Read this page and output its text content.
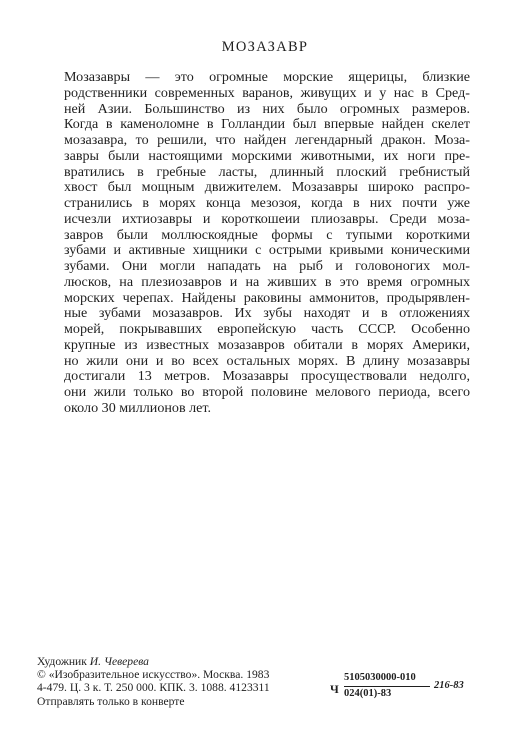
МОЗАЗАВР
Мозазавры — это огромные морские ящерицы, близкие
родственники современных варанов, живущих и у нас в Сред-
ней Азии. Большинство из них было огромных размеров.
Когда в каменоломне в Голландии был впервые найден скелет
мозазавра, то решили, что найден легендарный дракон. Моза-
завры были настоящими морскими животными, их ноги пре-
вратились в гребные ласты, длинный плоский гребнистый
хвост был мощным движителем. Мозазавры широко распро-
странились в морях конца мезозоя, когда в них почти уже
исчезли ихтиозавры и короткошеии плиозавры. Среди моза-
завров были моллюскоядные формы с тупыми короткими
зубами и активные хищники с острыми кривыми коническими
зубами. Они могли нападать на рыб и головоногих мол-
люсков, на плезиозавров и на живших в это время огромных
морских черепах. Найдены раковины аммонитов, продырявлен-
ные зубами мозазавров. Их зубы находят и в отложениях
морей, покрывавших европейскую часть СССР. Особенно
крупные из известных мозазавров обитали в морях Америки,
но жили они и во всех остальных морях. В длину мозазавры
достигали 13 метров. Мозазавры просуществовали недолго,
они жили только во второй половине мелового периода, всего
около 30 миллионов лет.
Художник И. Чеверева
© «Изобразительное искусство». Москва. 1983
4-479. Ц. 3 к. Т. 250 000. КПК. 3. 1088. 4123311
Отправлять только в конверте
Ч
5105030000-010
024(01)-83
216-83
